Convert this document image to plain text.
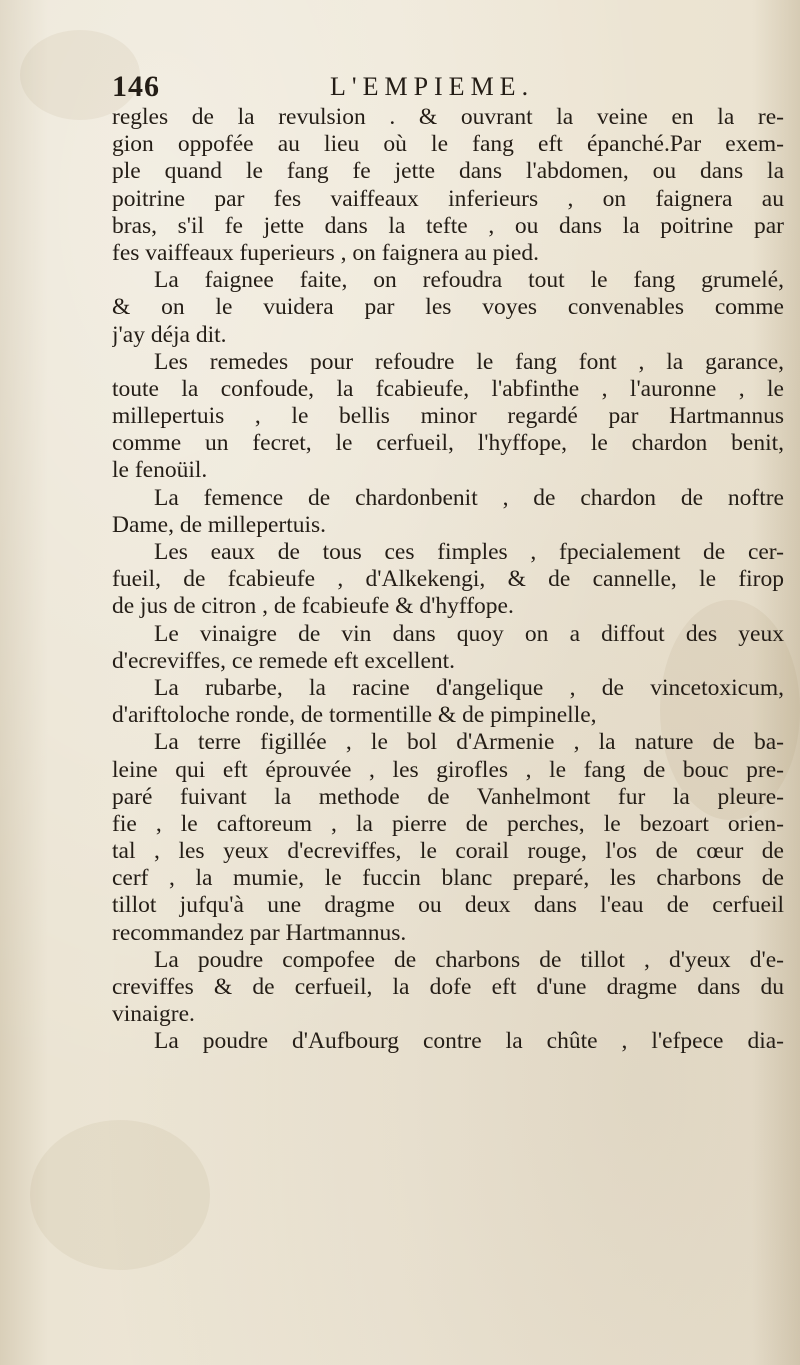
146	L'EMPIEME.
regles de la revulsion . & ouvrant la veine en la re-
gion oppofée au lieu où le fang eft épanché.Par exem-
ple quand le fang fe jette dans l'abdomen, ou dans la
poitrine par fes vaiffeaux inferieurs , on faignera au
bras, s'il fe jette dans la tefte , ou dans la poitrine par
fes vaiffeaux fuperieurs , on faignera au pied.
La faignee faite, on refoudra tout le fang grumelé,
& on le vuidera par les voyes convenables comme
j'ay déja dit.
Les remedes pour refoudre le fang font , la garance,
toute la confoude, la fcabieufe, l'abfinthe , l'auronne , le
millepertuis , le bellis minor regardé par Hartmannus
comme un fecret, le cerfueil, l'hyffope, le chardon benit,
le fenoüil.
La femence de chardonbenit , de chardon de noftre
Dame, de millepertuis.
Les eaux de tous ces fimples , fpecialement de cer-
fueil, de fcabieufe , d'Alkekengi, & de cannelle, le firop
de jus de citron , de fcabieufe & d'hyffope.
Le vinaigre de vin dans quoy on a diffout des yeux
d'ecreviffes, ce remede eft excellent.
La rubarbe, la racine d'angelique , de vincetoxicum,
d'ariftoloche ronde, de tormentille & de pimpinelle,
La terre figillée , le bol d'Armenie , la nature de ba-
leine qui eft éprouvée , les girofles , le fang de bouc pre-
paré fuivant la methode de Vanhelmont fur la pleure-
fie , le caftoreum , la pierre de perches, le bezoart orien-
tal , les yeux d'ecreviffes, le corail rouge, l'os de cœur de
cerf , la mumie, le fuccin blanc preparé, les charbons de
tillot jufqu'à une dragme ou deux dans l'eau de cerfueil
recommandez par Hartmannus.
La poudre compofee de charbons de tillot , d'yeux d'e-
creviffes & de cerfueil, la dofe eft d'une dragme dans du
vinaigre.
La poudre d'Aufbourg contre la chûte , l'efpece dia-
